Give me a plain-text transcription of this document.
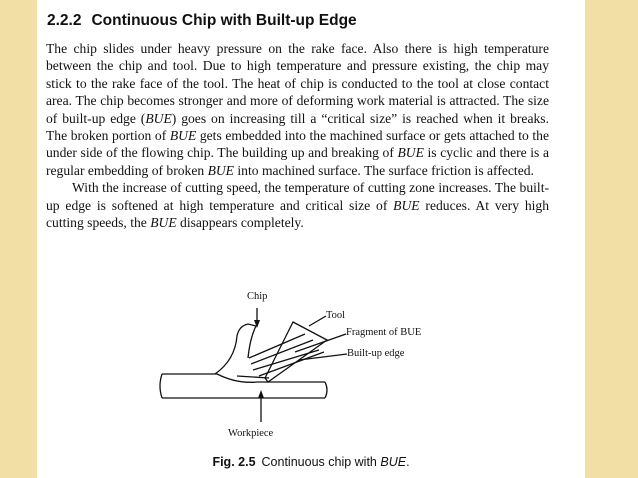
2.2.2 Continuous Chip with Built-up Edge

The chip slides under heavy pressure on the rake face. Also there is high temperature between the chip and tool. Due to high temperature and pressure existing, the chip may stick to the rake face of the tool. The heat of chip is conducted to the tool at close contact area. The chip becomes stronger and more of deforming work material is attracted. The size of built-up edge (BUE) goes on increasing till a “critical size” is reached when it breaks. The broken portion of BUE gets embedded into the machined surface or gets attached to the under side of the flowing chip. The building up and breaking of BUE is cyclic and there is a regular embedding of broken BUE into machined surface. The surface friction is affected.

With the increase of cutting speed, the temperature of cutting zone increases. The built-up edge is softened at high temperature and critical size of BUE reduces. At very high cutting speeds, the BUE disappears completely.

Chip
Tool
Fragment of BUE
Built-up edge
Workpiece
Fig. 2.5 Continuous chip with BUE.
